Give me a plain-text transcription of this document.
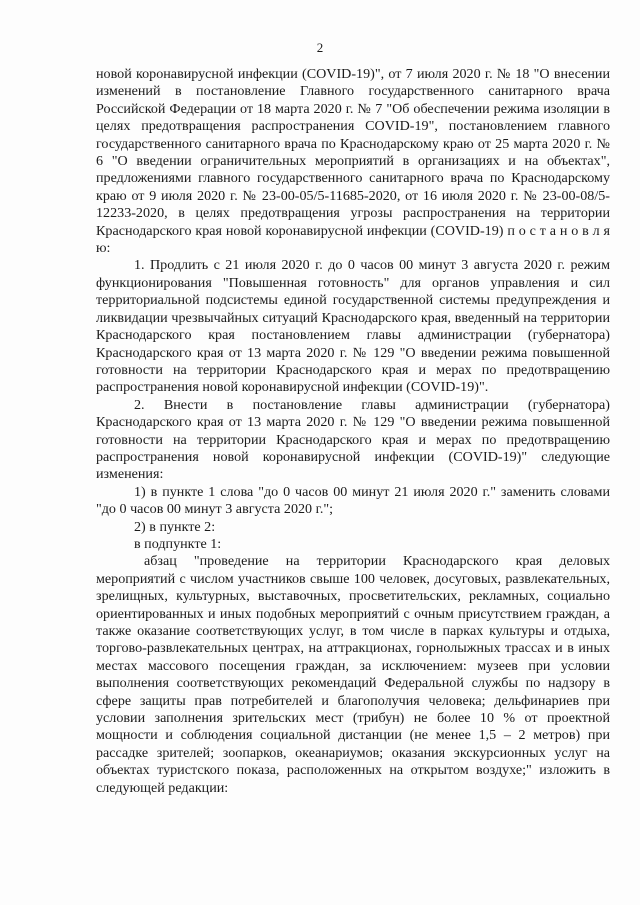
2

новой коронавирусной инфекции (COVID-19)", от 7 июля 2020 г. № 18 "О внесении изменений в постановление Главного государственного санитарного врача Российской Федерации от 18 марта 2020 г. № 7 "Об обеспечении режима изоляции в целях предотвращения распространения COVID-19", постановлением главного государственного санитарного врача по Краснодарскому краю от 25 марта 2020 г. № 6 "О введении ограничительных мероприятий в организациях и на объектах", предложениями главного государственного санитарного врача по Краснодарскому краю от 9 июля 2020 г. № 23-00-05/5-11685-2020, от 16 июля 2020 г. № 23-00-08/5-12233-2020, в целях предотвращения угрозы распространения на территории Краснодарского края новой коронавирусной инфекции (COVID-19) п о с т а н о в л я ю:

1. Продлить с 21 июля 2020 г. до 0 часов 00 минут 3 августа 2020 г. режим функционирования "Повышенная готовность" для органов управления и сил территориальной подсистемы единой государственной системы предупреждения и ликвидации чрезвычайных ситуаций Краснодарского края, введенный на территории Краснодарского края постановлением главы администрации (губернатора) Краснодарского края от 13 марта 2020 г. № 129 "О введении режима повышенной готовности на территории Краснодарского края и мерах по предотвращению распространения новой коронавирусной инфекции (COVID-19)".

2. Внести в постановление главы администрации (губернатора) Краснодарского края от 13 марта 2020 г. № 129 "О введении режима повышенной готовности на территории Краснодарского края и мерах по предотвращению распространения новой коронавирусной инфекции (COVID-19)" следующие изменения:

1) в пункте 1 слова "до 0 часов 00 минут 21 июля 2020 г." заменить словами "до 0 часов 00 минут 3 августа 2020 г.";

2) в пункте 2:

в подпункте 1:

абзац "проведение на территории Краснодарского края деловых мероприятий с числом участников свыше 100 человек, досуговых, развлекательных, зрелищных, культурных, выставочных, просветительских, рекламных, социально ориентированных и иных подобных мероприятий с очным присутствием граждан, а также оказание соответствующих услуг, в том числе в парках культуры и отдыха, торгово-развлекательных центрах, на аттракционах, горнолыжных трассах и в иных местах массового посещения граждан, за исключением: музеев при условии выполнения соответствующих рекомендаций Федеральной службы по надзору в сфере защиты прав потребителей и благополучия человека; дельфинариев при условии заполнения зрительских мест (трибун) не более 10 % от проектной мощности и соблюдения социальной дистанции (не менее 1,5 – 2 метров) при рассадке зрителей; зоопарков, океанариумов; оказания экскурсионных услуг на объектах туристского показа, расположенных на открытом воздухе;" изложить в следующей редакции:
